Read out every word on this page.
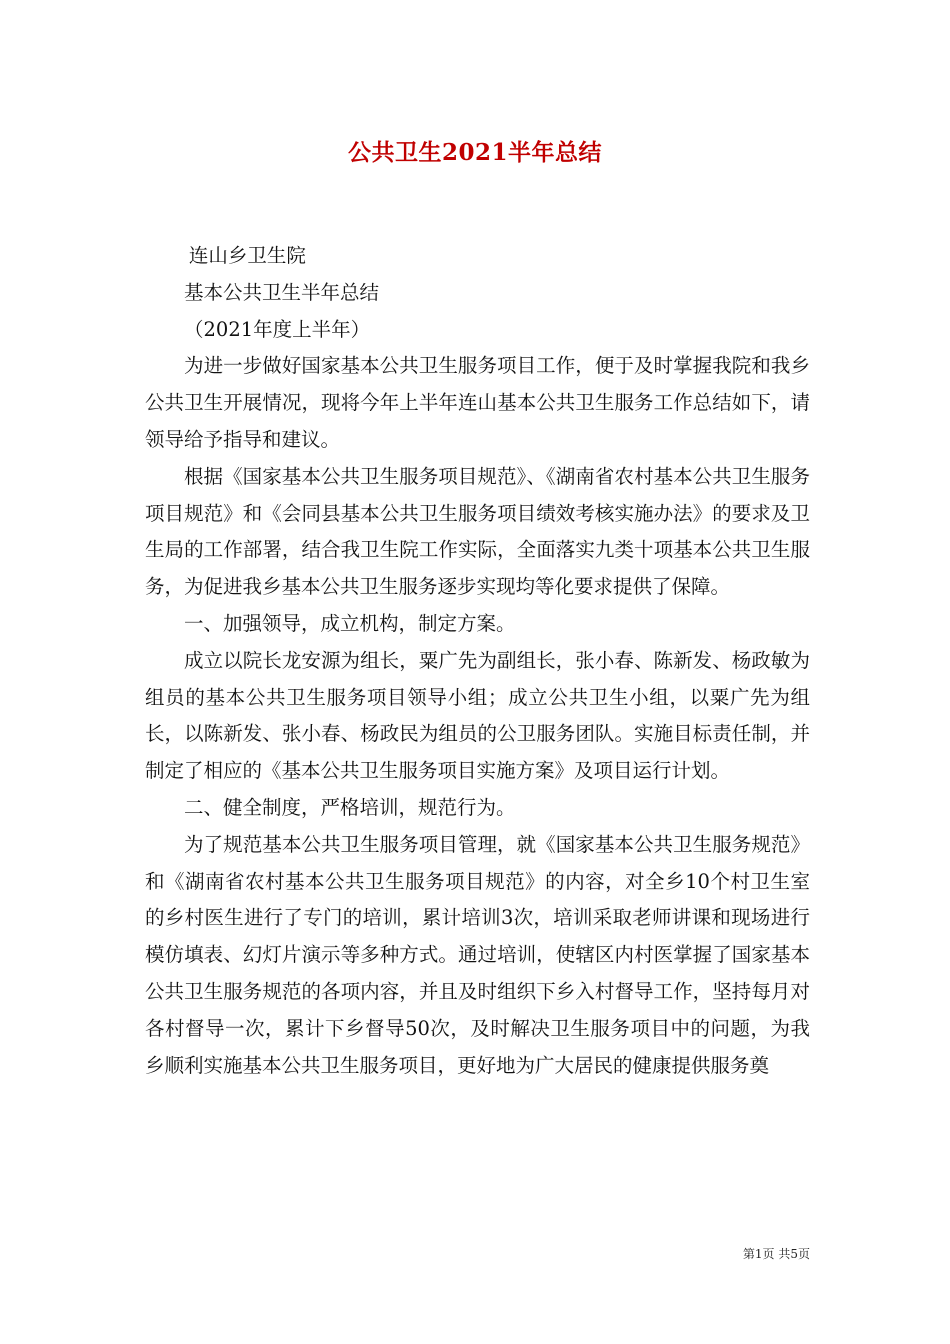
公共卫生2021半年总结

连山乡卫生院

基本公共卫生半年总结

（2021年度上半年）

为进一步做好国家基本公共卫生服务项目工作，便于及时掌握我院和我乡公共卫生开展情况，现将今年上半年连山基本公共卫生服务工作总结如下，请领导给予指导和建议。

根据《国家基本公共卫生服务项目规范》、《湖南省农村基本公共卫生服务项目规范》和《会同县基本公共卫生服务项目绩效考核实施办法》的要求及卫生局的工作部署，结合我卫生院工作实际，全面落实九类十项基本公共卫生服务，为促进我乡基本公共卫生服务逐步实现均等化要求提供了保障。

一、加强领导，成立机构，制定方案。

成立以院长龙安源为组长，粟广先为副组长，张小春、陈新发、杨政敏为组员的基本公共卫生服务项目领导小组；成立公共卫生小组，以粟广先为组长，以陈新发、张小春、杨政民为组员的公卫服务团队。实施目标责任制，并制定了相应的《基本公共卫生服务项目实施方案》及项目运行计划。

二、健全制度，严格培训，规范行为。

为了规范基本公共卫生服务项目管理，就《国家基本公共卫生服务规范》和《湖南省农村基本公共卫生服务项目规范》的内容，对全乡10个村卫生室的乡村医生进行了专门的培训，累计培训3次，培训采取老师讲课和现场进行模仿填表、幻灯片演示等多种方式。通过培训，使辖区内村医掌握了国家基本公共卫生服务规范的各项内容，并且及时组织下乡入村督导工作，坚持每月对各村督导一次，累计下乡督导50次，及时解决卫生服务项目中的问题，为我乡顺利实施基本公共卫生服务项目，更好地为广大居民的健康提供服务奠

第1页 共5页
